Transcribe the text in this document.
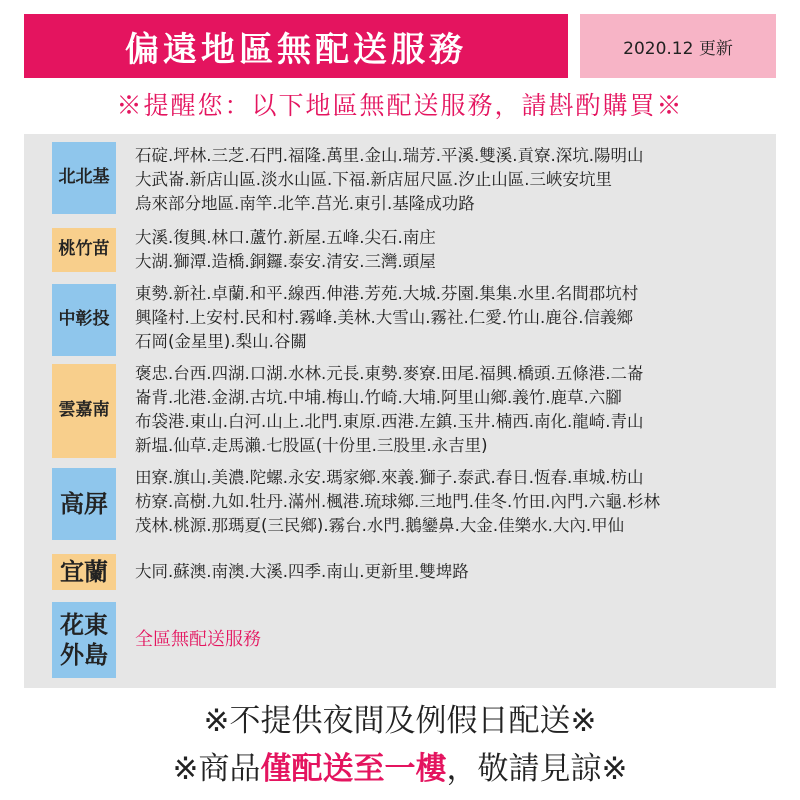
偏遠地區無配送服務	2020.12 更新
※提醒您：以下地區無配送服務，請斟酌購買※
北北基
石碇.坪林.三芝.石門.福隆.萬里.金山.瑞芳.平溪.雙溪.貢寮.深坑.陽明山
大武崙.新店山區.淡水山區.下福.新店屈尺區.汐止山區.三峽安坑里
烏來部分地區.南竿.北竿.莒光.東引.基隆成功路
桃竹苗
大溪.復興.林口.蘆竹.新屋.五峰.尖石.南庄
大湖.獅潭.造橋.銅鑼.泰安.清安.三灣.頭屋
中彰投
東勢.新社.卓蘭.和平.線西.伸港.芳苑.大城.芬園.集集.水里.名間郡坑村
興隆村.上安村.民和村.霧峰.美林.大雪山.霧社.仁愛.竹山.鹿谷.信義鄉
石岡(金星里).梨山.谷關
雲嘉南
褒忠.台西.四湖.口湖.水林.元長.東勢.麥寮.田尾.福興.橋頭.五條港.二崙
崙背.北港.金湖.古坑.中埔.梅山.竹崎.大埔.阿里山鄉.義竹.鹿草.六腳
布袋港.東山.白河.山上.北門.東原.西港.左鎮.玉井.楠西.南化.龍崎.青山
新塭.仙草.走馬瀨.七股區(十份里.三股里.永吉里)
高屏
田寮.旗山.美濃.陀螺.永安.瑪家鄉.來義.獅子.泰武.春日.恆春.車城.枋山
枋寮.高樹.九如.牡丹.滿州.楓港.琉球鄉.三地門.佳冬.竹田.內門.六龜.杉林
茂林.桃源.那瑪夏(三民鄉).霧台.水門.鵝鑾鼻.大金.佳樂水.大內.甲仙
宜蘭	大同.蘇澳.南澳.大溪.四季.南山.更新里.雙埤路
花東
外島
全區無配送服務
※不提供夜間及例假日配送※
※商品僅配送至一樓，敬請見諒※
